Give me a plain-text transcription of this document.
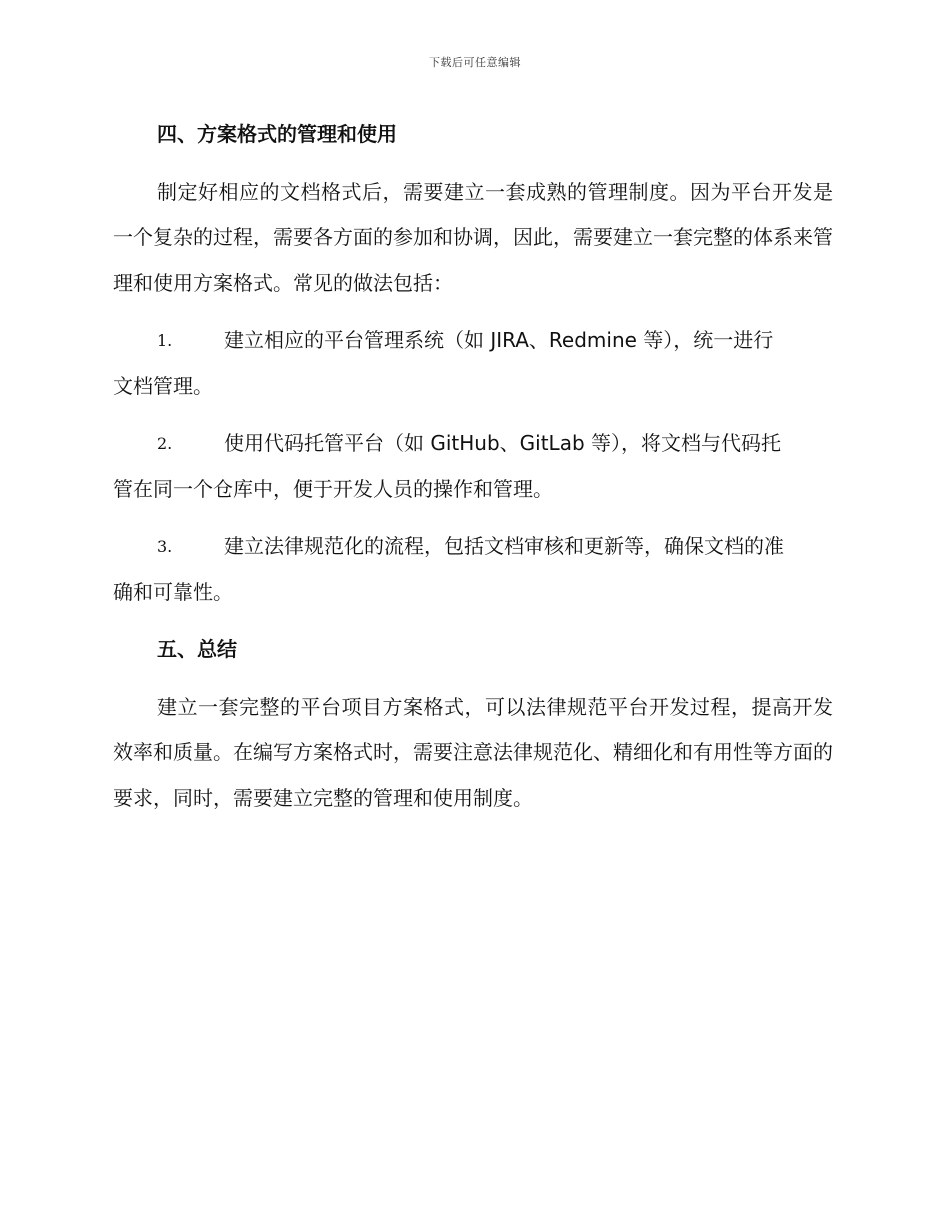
下载后可任意编辑
四、方案格式的管理和使用
制定好相应的文档格式后，需要建立一套成熟的管理制度。因为平台开发是一个复杂的过程，需要各方面的参加和协调，因此，需要建立一套完整的体系来管理和使用方案格式。常见的做法包括：
1.	建立相应的平台管理系统（如 JIRA、Redmine 等），统一进行
文档管理。
2.	使用代码托管平台（如 GitHub、GitLab 等），将文档与代码托
管在同一个仓库中，便于开发人员的操作和管理。
3.	建立法律规范化的流程，包括文档审核和更新等，确保文档的准
确和可靠性。
五、总结
建立一套完整的平台项目方案格式，可以法律规范平台开发过程，提高开发效率和质量。在编写方案格式时，需要注意法律规范化、精细化和有用性等方面的要求，同时，需要建立完整的管理和使用制度。
